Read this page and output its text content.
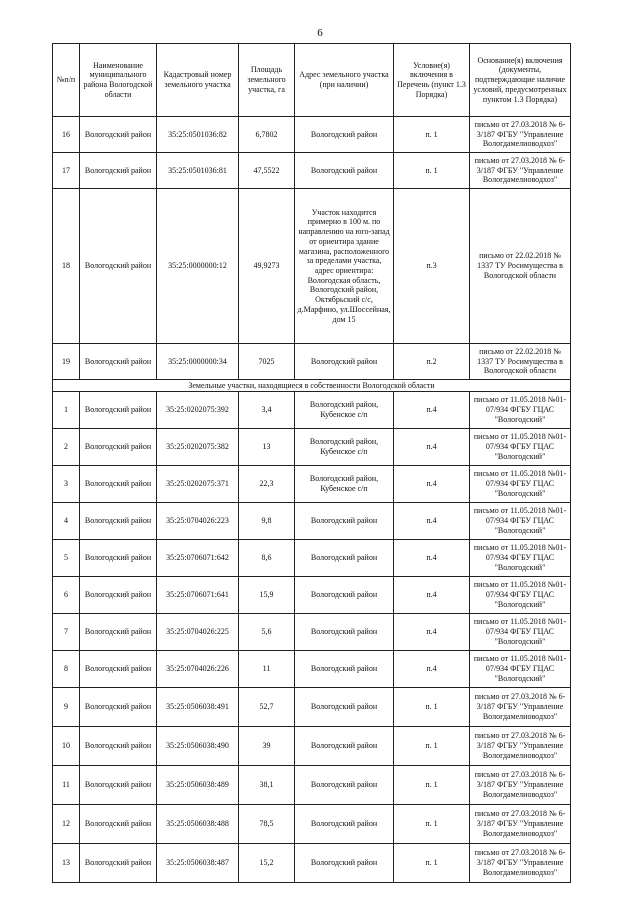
6
№п/п	Наименование муниципального района Вологодской области	Кадастровый номер земельного участка	Площадь земельного участка, га	Адрес земельного участка (при наличии)	Условие(я) включения в Перечень (пункт 1.3 Порядка)	Основание(я) включения (документы, подтверждающие наличие условий, предусмотренных пунктом 1.3 Порядка)
16	Вологодский район	35:25:0501036:82	6,7802	Вологодский район	п. 1	письмо от 27.03.2018 № 6-3/187 ФГБУ "Управление Вологдамелиоводхоз"
17	Вологодский район	35:25:0501036:81	47,5522	Вологодский район	п. 1	письмо от 27.03.2018 № 6-3/187 ФГБУ "Управление Вологдамелиоводхоз"
18	Вологодский район	35:25:0000000:12	49,9273	Участок находится примерно в 100 м. по направлению на юго-запад от ориентира здание магазина, расположенного за пределами участка, адрес ориентира: Вологодская область, Вологодский район, Октябрьский с/с, д.Марфино, ул.Шоссейная, дом 15	п.3	письмо от 22.02.2018 № 1337 ТУ Росимущества в Вологодской области
19	Вологодский район	35:25:0000000:34	7025	Вологодский район	п.2	письмо от 22.02.2018 № 1337 ТУ Росимущества в Вологодской области
Земельные участки, находящиеся в собственности Вологодской области						
1	Вологодский район	35:25:0202075:392	3,4	Вологодский район, Кубенское с/п	п.4	письмо от 11.05.2018 №01-07/934 ФГБУ ГЦАС "Вологодский"
2	Вологодский район	35:25:0202075:382	13	Вологодский район, Кубенское с/п	п.4	письмо от 11.05.2018 №01-07/934 ФГБУ ГЦАС "Вологодский"
3	Вологодский район	35:25:0202075:371	22,3	Вологодский район, Кубенское с/п	п.4	письмо от 11.05.2018 №01-07/934 ФГБУ ГЦАС "Вологодский"
4	Вологодский район	35:25:0704026:223	9,8	Вологодский район	п.4	письмо от 11.05.2018 №01-07/934 ФГБУ ГЦАС "Вологодский"
5	Вологодский район	35:25:0706071:642	8,6	Вологодский район	п.4	письмо от 11.05.2018 №01-07/934 ФГБУ ГЦАС "Вологодский"
6	Вологодский район	35:25:0706071:641	15,9	Вологодский район	п.4	письмо от 11.05.2018 №01-07/934 ФГБУ ГЦАС "Вологодский"
7	Вологодский район	35:25:0704026:225	5,6	Вологодский район	п.4	письмо от 11.05.2018 №01-07/934 ФГБУ ГЦАС "Вологодский"
8	Вологодский район	35:25:0704026:226	11	Вологодский район	п.4	письмо от 11.05.2018 №01-07/934 ФГБУ ГЦАС "Вологодский"
9	Вологодский район	35:25:0506038:491	52,7	Вологодский район	п. 1	письмо от 27.03.2018 № 6-3/187 ФГБУ "Управление Вологдамелиоводхоз"
10	Вологодский район	35:25:0506038:490	39	Вологодский район	п. 1	письмо от 27.03.2018 № 6-3/187 ФГБУ "Управление Вологдамелиоводхоз"
11	Вологодский район	35:25:0506038:489	38,1	Вологодский район	п. 1	письмо от 27.03.2018 № 6-3/187 ФГБУ "Управление Вологдамелиоводхоз"
12	Вологодский район	35:25:0506038:488	78,5	Вологодский район	п. 1	письмо от 27.03.2018 № 6-3/187 ФГБУ "Управление Вологдамелиоводхоз"
13	Вологодский район	35:25:0506038:487	15,2	Вологодский район	п. 1	письмо от 27.03.2018 № 6-3/187 ФГБУ "Управление Вологдамелиоводхоз"
